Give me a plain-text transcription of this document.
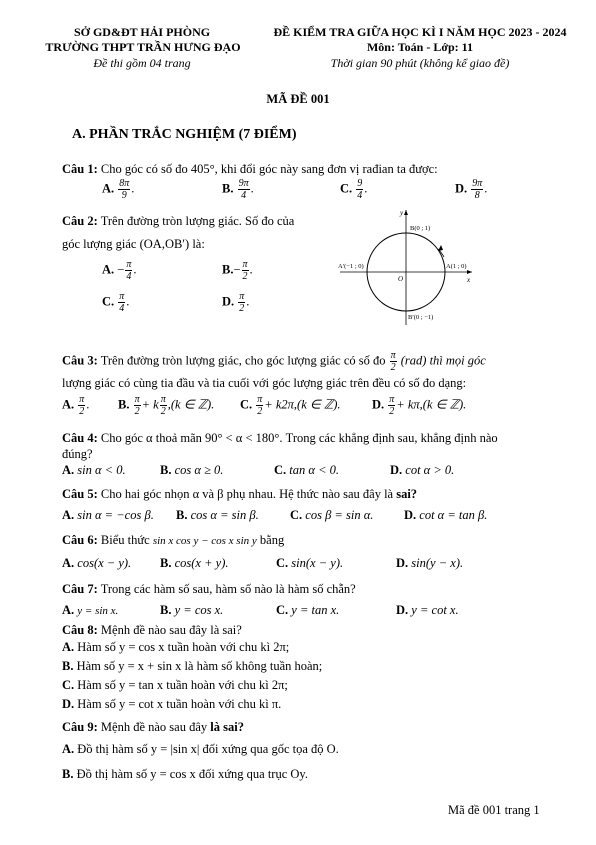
SỞ GD&ĐT HẢI PHÒNG
TRƯỜNG THPT TRẦN HƯNG ĐẠO
Đề thi gồm 04 trang
ĐỀ KIỂM TRA GIỮA HỌC KÌ I NĂM HỌC 2023 - 2024
Môn: Toán - Lớp: 11
Thời gian 90 phút (không kể giao đề)
MÃ ĐỀ 001
A. PHẦN TRẮC NGHIỆM (7 ĐIỂM)
Câu 1: Cho góc có số đo 405°, khi đổi góc này sang đơn vị rađian ta được:
A. $\frac{8\pi}{9}$ .	B. $\frac{9\pi}{4}$ .	C. $\frac{9}{4}$ .	D. $\frac{9\pi}{8}$ .
Câu 2: Trên đường tròn lượng giác. Số đo của
góc lượng giác (OA,OB′) là:
A. − $\frac{\pi}{4}$ .	$B.- \frac{\pi}{2}$ .
C. $\frac{\pi}{4}$ .	D. $\frac{\pi}{2}$ .
y
x
O
B(0 ; 1)
A(1 ; 0)
A′(−1 ; 0)
B′(0 ; −1)
Câu 3: Trên đường tròn lượng giác, cho góc lượng giác có số đo $\frac{\pi}{2} (rad)$ thì mọi góc
lượng giác có cùng tia đầu và tia cuối với góc lượng giác trên đều có số đo dạng:
A. $\frac{\pi}{2}$ . B. $\frac{\pi}{2} + k \frac{\pi}{2} ,(k$ ∈ ℤ). C. $\frac{\pi}{2} + k2\pi,(k$ ∈ ℤ).	D. $\frac{\pi}{2} + k\pi,(k$ ∈ ℤ).
Câu 4: Cho góc α thoả mãn 90° < α < 180°. Trong các khẳng định sau, khẳng định nào
đúng?
A. sin α < 0.	B. cos α ≥ 0.	C. tan α < 0.	D. cot α > 0.
Câu 5: Cho hai góc nhọn α và β phụ nhau. Hệ thức nào sau đây là sai?
A. sin α = −cos β. B. cos α = sin β.	C. cos β = sin α. D. cot α = tan β.
Câu 6: Biểu thức sin x cos y − cos x sin y bằng
A. cos(x − y). B. cos(x + y).	C. sin(x − y).	D. sin(y − x).
Câu 7: Trong các hàm số sau, hàm số nào là hàm số chẵn?
A. y = sin x.	B. y = cos x.	C. y = tan x.	D. y = cot x.
Câu 8: Mệnh đề nào sau đây là sai?
A. Hàm số y = cos x tuần hoàn với chu kì 2π;
B. Hàm số y = x + sin x là hàm số không tuần hoàn;
C. Hàm số y = tan x tuần hoàn với chu kì 2π;
D. Hàm số y = cot x tuần hoàn với chu kì π.
Câu 9: Mệnh đề nào sau đây là sai?
A. Đồ thị hàm số y = |sin x| đối xứng qua gốc tọa độ O.
B. Đồ thị hàm số y = cos x đối xứng qua trục Oy.
Mã đề 001 trang 1
